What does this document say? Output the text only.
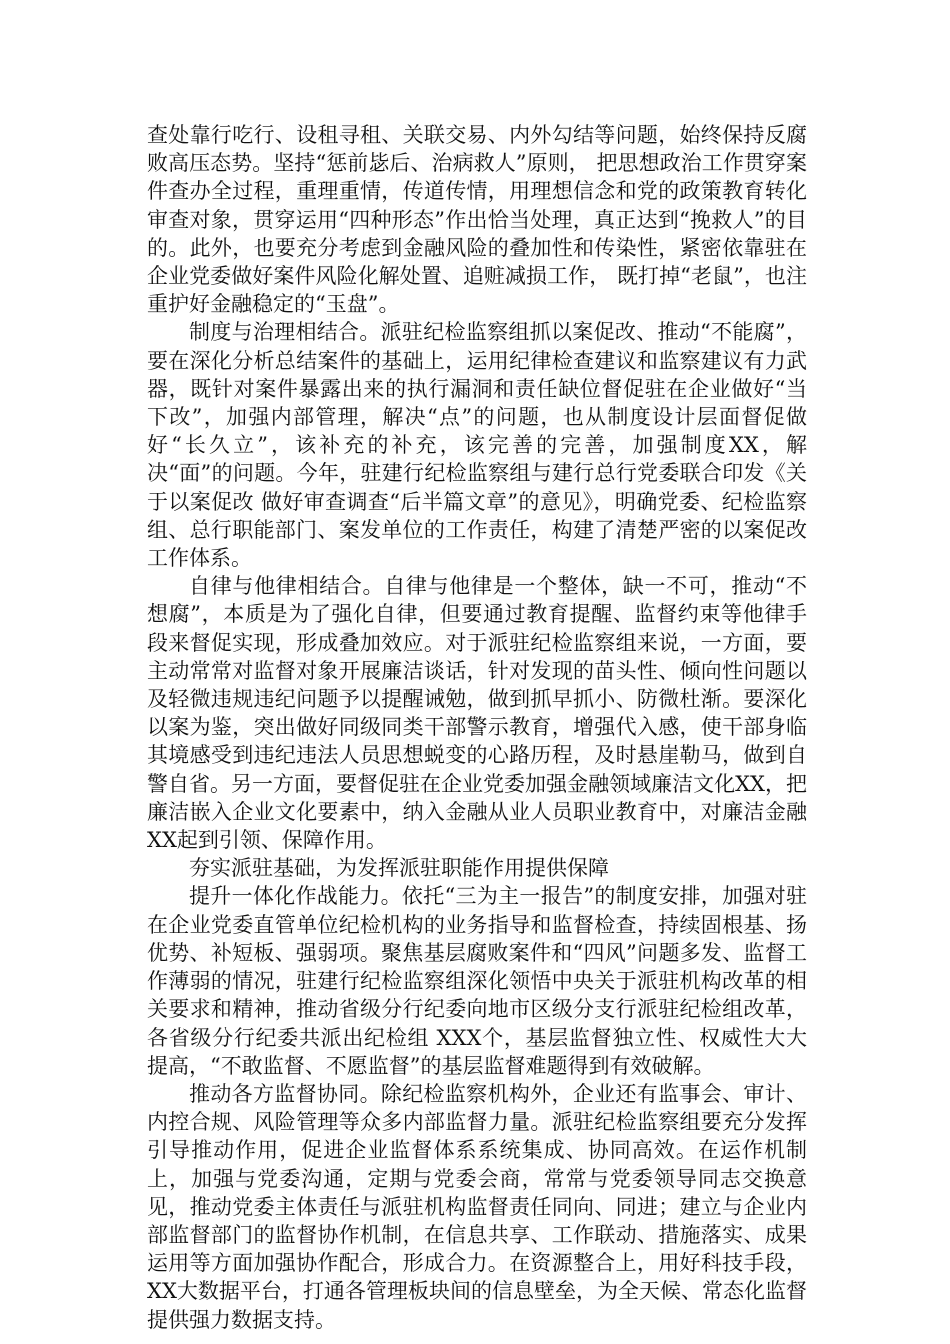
查处靠行吃行、设租寻租、关联交易、内外勾结等问题，始终保持反腐败高压态势。坚持“惩前毖后、治病救人”原则， 把思想政治工作贯穿案件查办全过程，重理重情，传道传情，用理想信念和党的政策教育转化审查对象，贯穿运用“四种形态”作出恰当处理，真正达到“挽救人”的目的。此外，也要充分考虑到金融风险的叠加性和传染性，紧密依靠驻在企业党委做好案件风险化解处置、追赃减损工作， 既打掉“老鼠”，也注重护好金融稳定的“玉盘”。

制度与治理相结合。派驻纪检监察组抓以案促改、推动“不能腐”，要在深化分析总结案件的基础上，运用纪律检查建议和监察建议有力武器，既针对案件暴露出来的执行漏洞和责任缺位督促驻在企业做好“当下改”，加强内部管理，解决“点”的问题，也从制度设计层面督促做好“长久立”，该补充的补充，该完善的完善，加强制度XX，解决“面”的问题。今年，驻建行纪检监察组与建行总行党委联合印发《关于以案促改 做好审查调查“后半篇文章”的意见》，明确党委、纪检监察组、总行职能部门、案发单位的工作责任，构建了清楚严密的以案促改工作体系。

自律与他律相结合。自律与他律是一个整体，缺一不可，推动“不想腐”，本质是为了强化自律，但要通过教育提醒、监督约束等他律手段来督促实现，形成叠加效应。对于派驻纪检监察组来说，一方面，要主动常常对监督对象开展廉洁谈话，针对发现的苗头性、倾向性问题以及轻微违规违纪问题予以提醒诫勉，做到抓早抓小、防微杜渐。要深化以案为鉴，突出做好同级同类干部警示教育，增强代入感，使干部身临其境感受到违纪违法人员思想蜕变的心路历程，及时悬崖勒马，做到自警自省。另一方面，要督促驻在企业党委加强金融领域廉洁文化XX，把廉洁嵌入企业文化要素中，纳入金融从业人员职业教育中，对廉洁金融XX起到引领、保障作用。

夯实派驻基础，为发挥派驻职能作用提供保障

提升一体化作战能力。依托“三为主一报告”的制度安排，加强对驻在企业党委直管单位纪检机构的业务指导和监督检查，持续固根基、扬优势、补短板、强弱项。聚焦基层腐败案件和“四风”问题多发、监督工作薄弱的情况，驻建行纪检监察组深化领悟中央关于派驻机构改革的相关要求和精神，推动省级分行纪委向地市区级分支行派驻纪检组改革，各省级分行纪委共派出纪检组 XXX个，基层监督独立性、权威性大大提高，“不敢监督、不愿监督”的基层监督难题得到有效破解。

推动各方监督协同。除纪检监察机构外，企业还有监事会、审计、内控合规、风险管理等众多内部监督力量。派驻纪检监察组要充分发挥引导推动作用，促进企业监督体系系统集成、协同高效。在运作机制上，加强与党委沟通，定期与党委会商，常常与党委领导同志交换意见，推动党委主体责任与派驻机构监督责任同向、同进；建立与企业内部监督部门的监督协作机制，在信息共享、工作联动、措施落实、成果运用等方面加强协作配合，形成合力。在资源整合上，用好科技手段，XX大数据平台，打通各管理板块间的信息壁垒，为全天候、常态化监督提供强力数据支持。
